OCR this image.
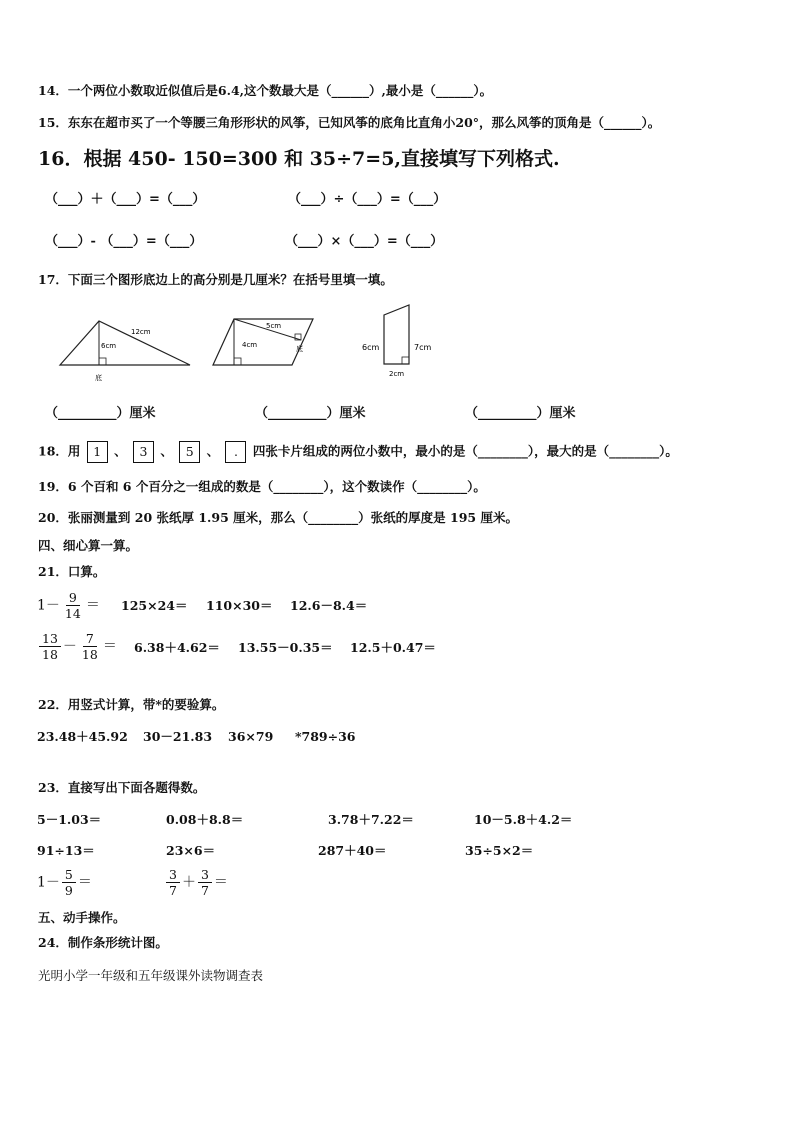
14．一个两位小数取近似值后是6.4,这个数最大是（______）,最小是（______）。
15．东东在超市买了一个等腰三角形形状的风筝，已知风筝的底角比直角小20°，那么风筝的顶角是（______）。
16．根据 450- 150=300 和 35÷7=5,直接填写下列格式.
（___）＋（___）=（___）	（___）÷（___）=（___）
（___）- （___）=（___）	（___）×（___）=（___）
17．下面三个图形底边上的高分别是几厘米？在括号里填一填。
6cm
12cm
底
4cm
5cm
底	6cm	7cm
2cm
（_________）厘米	（_________）厘米	（_________）厘米
18．用 1 、 3 、 5 、 . 四张卡片组成的两位小数中，最小的是（________），最大的是（________）。
19．6 个百和 6 个百分之一组成的数是（________），这个数读作（________）。
20．张丽测量到 20 张纸厚 1.95 厘米，那么（________）张纸的厚度是 195 厘米。
四、细心算一算。
21．口算。
$1- \frac{9}{14} = 125\times 24= 110\times 30= 12.6-8.4=$
$\frac{13}{18} - \frac{7}{18} = 6.38+4.62= 13.55-0.35= 12.5+0.47=$
22．用竖式计算，带*的要验算。
23.48＋45.92 30－21.83 36×79 *789÷36
23．直接写出下面各题得数。
5－1.03＝	0.08＋8.8＝	3.78＋7.22＝	10－5.8＋4.2＝
91÷13＝	23×6＝	287＋40＝	35÷5×2＝
$1- \frac{5}{9}$ ＝	$\frac{3}{7} + \frac{3}{7}$ ＝
五、动手操作。
24．制作条形统计图。
光明小学一年级和五年级课外读物调查表
